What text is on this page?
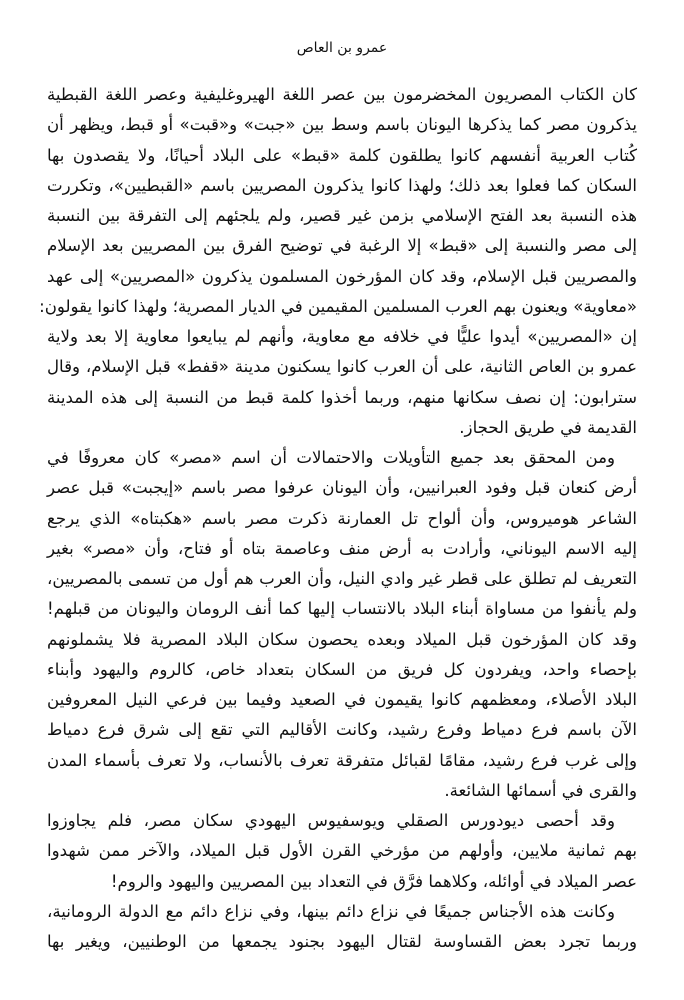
عمرو بن العاص
كان الكتاب المصريون المخضرمون بين عصر اللغة الهيروغليفية وعصر اللغة القبطية
يذكرون مصر كما يذكرها اليونان باسم وسط بين «جبت» و«قبت» أو قبط، ويظهر أن
كُتاب العربية أنفسهم كانوا يطلقون كلمة «قبط» على البلاد أحيانًا، ولا يقصدون بها
السكان كما فعلوا بعد ذلك؛ ولهذا كانوا يذكرون المصريين باسم «القبطيين»، وتكررت
هذه النسبة بعد الفتح الإسلامي بزمن غير قصير، ولم يلجئهم إلى التفرقة بين النسبة
إلى مصر والنسبة إلى «قبط» إلا الرغبة في توضيح الفرق بين المصريين بعد الإسلام
والمصريين قبل الإسلام، وقد كان المؤرخون المسلمون يذكرون «المصريين» إلى عهد
«معاوية» ويعنون بهم العرب المسلمين المقيمين في الديار المصرية؛ ولهذا كانوا يقولون:
إن «المصريين» أيدوا عليًّا في خلافه مع معاوية، وأنهم لم يبايعوا معاوية إلا بعد ولاية
عمرو بن العاص الثانية، على أن العرب كانوا يسكنون مدينة «قفط» قبل الإسلام، وقال
سترابون: إن نصف سكانها منهم، وربما أخذوا كلمة قبط من النسبة إلى هذه المدينة
القديمة في طريق الحجاز.
ومن المحقق بعد جميع التأويلات والاحتمالات أن اسم «مصر» كان معروفًا في
أرض كنعان قبل وفود العبرانيين، وأن اليونان عرفوا مصر باسم «إيجبت» قبل عصر
الشاعر هوميروس، وأن ألواح تل العمارنة ذكرت مصر باسم «هكبتاه» الذي يرجع
إليه الاسم اليوناني، وأرادت به أرض منف وعاصمة بتاه أو فتاح، وأن «مصر» بغير
التعريف لم تطلق على قطر غير وادي النيل، وأن العرب هم أول من تسمى بالمصريين،
ولم يأنفوا من مساواة أبناء البلاد بالانتساب إليها كما أنف الرومان واليونان من قبلهم!
وقد كان المؤرخون قبل الميلاد وبعده يحصون سكان البلاد المصرية فلا يشملونهم
بإحصاء واحد، ويفردون كل فريق من السكان بتعداد خاص، كالروم واليهود وأبناء
البلاد الأصلاء، ومعظمهم كانوا يقيمون في الصعيد وفيما بين فرعي النيل المعروفين
الآن باسم فرع دمياط وفرع رشيد، وكانت الأقاليم التي تقع إلى شرق فرع دمياط
وإلى غرب فرع رشيد، مقامًا لقبائل متفرقة تعرف بالأنساب، ولا تعرف بأسماء المدن
والقرى في أسمائها الشائعة.
وقد أحصى ديودورس الصقلي ويوسفيوس اليهودي سكان مصر، فلم يجاوزوا
بهم ثمانية ملايين، وأولهم من مؤرخي القرن الأول قبل الميلاد، والآخر ممن شهدوا
عصر الميلاد في أوائله، وكلاهما فرَّق في التعداد بين المصريين واليهود والروم!
وكانت هذه الأجناس جميعًا في نزاع دائم بينها، وفي نزاع دائم مع الدولة الرومانية،
وربما تجرد بعض القساوسة لقتال اليهود بجنود يجمعها من الوطنيين، ويغير بها
